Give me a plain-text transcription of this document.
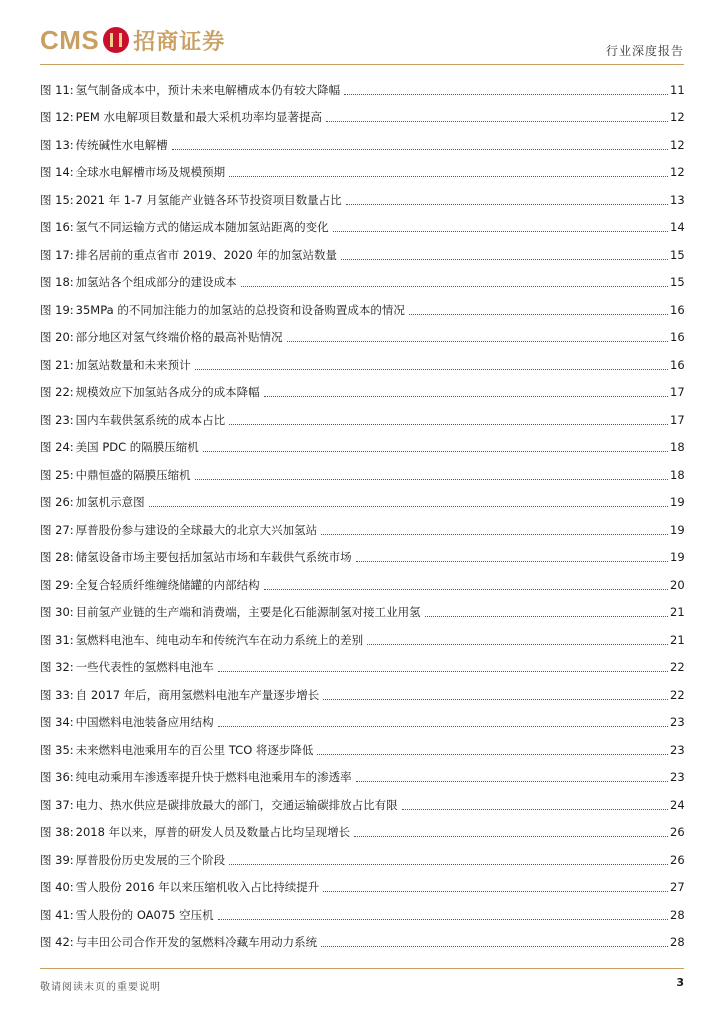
CMS 招商证券	行业深度报告
图 11: 氢气制备成本中，预计未来电解槽成本仍有较大降幅	11
图 12: PEM 水电解项目数量和最大采机功率均显著提高	12
图 13: 传统碱性水电解槽	12
图 14: 全球水电解槽市场及规模预期	12
图 15: 2021 年 1-7 月氢能产业链各环节投资项目数量占比	13
图 16: 氢气不同运输方式的储运成本随加氢站距离的变化	14
图 17: 排名居前的重点省市 2019、2020 年的加氢站数量	15
图 18: 加氢站各个组成部分的建设成本	15
图 19: 35MPa 的不同加注能力的加氢站的总投资和设备购置成本的情况	16
图 20: 部分地区对氢气终端价格的最高补贴情况	16
图 21: 加氢站数量和未来预计	16
图 22: 规模效应下加氢站各成分的成本降幅	17
图 23: 国内车载供氢系统的成本占比	17
图 24: 美国 PDC 的隔膜压缩机	18
图 25: 中鼎恒盛的隔膜压缩机	18
图 26: 加氢机示意图	19
图 27: 厚普股份参与建设的全球最大的北京大兴加氢站	19
图 28: 储氢设备市场主要包括加氢站市场和车载供气系统市场	19
图 29: 全复合轻质纤维缠绕储罐的内部结构	20
图 30: 目前氢产业链的生产端和消费端，主要是化石能源制氢对接工业用氢	21
图 31: 氢燃料电池车、纯电动车和传统汽车在动力系统上的差别	21
图 32: 一些代表性的氢燃料电池车	22
图 33: 自 2017 年后，商用氢燃料电池车产量逐步增长	22
图 34: 中国燃料电池装备应用结构	23
图 35: 未来燃料电池乘用车的百公里 TCO 将逐步降低	23
图 36: 纯电动乘用车渗透率提升快于燃料电池乘用车的渗透率	23
图 37: 电力、热水供应是碳排放最大的部门，交通运输碳排放占比有限	24
图 38: 2018 年以来，厚普的研发人员及数量占比均呈现增长	26
图 39: 厚普股份历史发展的三个阶段	26
图 40: 雪人股份 2016 年以来压缩机收入占比持续提升	27
图 41: 雪人股份的 OA075 空压机	28
图 42: 与丰田公司合作开发的氢燃料冷藏车用动力系统	28
敬请阅读末页的重要说明	3
